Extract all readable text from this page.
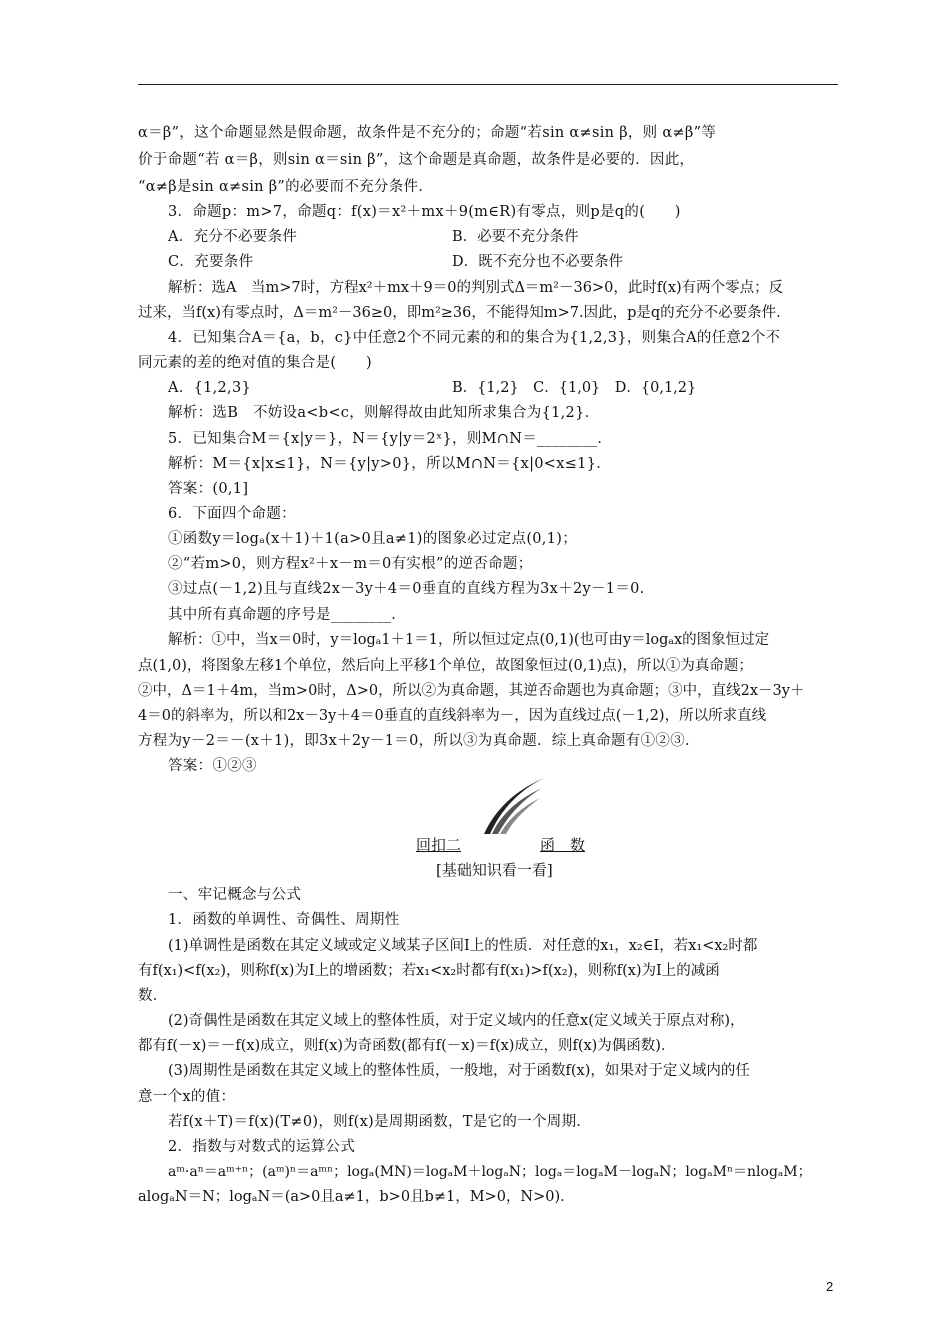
α＝β”，这个命题显然是假命题，故条件是不充分的；命题“若sin α≠sin β，则 α≠β”等
价于命题“若 α＝β，则sin α＝sin β”，这个命题是真命题，故条件是必要的．因此，
“α≠β是sin α≠sin β”的必要而不充分条件．
3．命题p：m>7，命题q：f(x)＝x²＋mx＋9(m∈R)有零点，则p是q的(　　)
A．充分不必要条件	B．必要不充分条件
C．充要条件	D．既不充分也不必要条件
解析：选A　当m>7时，方程x²＋mx＋9＝0的判别式Δ＝m²－36>0，此时f(x)有两个零点；反
过来，当f(x)有零点时，Δ＝m²－36≥0，即m²≥36，不能得知m>7.因此，p是q的充分不必要条件．
4．已知集合A＝{a，b，c}中任意2个不同元素的和的集合为{1,2,3}，则集合A的任意2个不
同元素的差的绝对值的集合是(　　)
A．{1,2,3}	B．{1,2}　C．{1,0}　D．{0,1,2}
解析：选B　不妨设a<b<c，则解得故由此知所求集合为{1,2}．
5．已知集合M＝{x|y＝}，N＝{y|y＝2ˣ}，则M∩N＝________．
解析：M＝{x|x≤1}，N＝{y|y>0}，所以M∩N＝{x|0<x≤1}．
答案：(0,1]
6．下面四个命题：
①函数y＝logₐ(x＋1)＋1(a>0且a≠1)的图象必过定点(0,1)；
②“若m>0，则方程x²＋x－m＝0有实根”的逆否命题；
③过点(－1,2)且与直线2x－3y＋4＝0垂直的直线方程为3x＋2y－1＝0.
其中所有真命题的序号是________．
解析：①中，当x＝0时，y＝logₐ1＋1＝1，所以恒过定点(0,1)(也可由y＝logₐx的图象恒过定
点(1,0)，将图象左移1个单位，然后向上平移1个单位，故图象恒过(0,1)点)，所以①为真命题；
②中，Δ＝1＋4m，当m>0时，Δ>0，所以②为真命题，其逆否命题也为真命题；③中，直线2x－3y＋
4＝0的斜率为，所以和2x－3y＋4＝0垂直的直线斜率为－，因为直线过点(－1,2)，所以所求直线
方程为y－2＝－(x＋1)，即3x＋2y－1＝0，所以③为真命题．综上真命题有①②③.
答案：①②③
回扣二	函　数
[基础知识看一看]
一、牢记概念与公式
1．函数的单调性、奇偶性、周期性
(1)单调性是函数在其定义域或定义域某子区间I上的性质．对任意的x₁，x₂∈I，若x₁<x₂时都
有f(x₁)<f(x₂)，则称f(x)为I上的增函数；若x₁<x₂时都有f(x₁)>f(x₂)，则称f(x)为I上的减函
数．
(2)奇偶性是函数在其定义域上的整体性质，对于定义域内的任意x(定义域关于原点对称)，
都有f(－x)＝－f(x)成立，则f(x)为奇函数(都有f(－x)＝f(x)成立，则f(x)为偶函数)．
(3)周期性是函数在其定义域上的整体性质，一般地，对于函数f(x)，如果对于定义域内的任
意一个x的值：
若f(x＋T)＝f(x)(T≠0)，则f(x)是周期函数，T是它的一个周期．
2．指数与对数式的运算公式
aᵐ·aⁿ＝aᵐ⁺ⁿ；(aᵐ)ⁿ＝aᵐⁿ；logₐ(MN)＝logₐM＋logₐN；logₐ＝logₐM－logₐN；logₐMⁿ＝nlogₐM；
alogₐN＝N；logₐN＝(a>0且a≠1，b>0且b≠1，M>0，N>0)．
2
